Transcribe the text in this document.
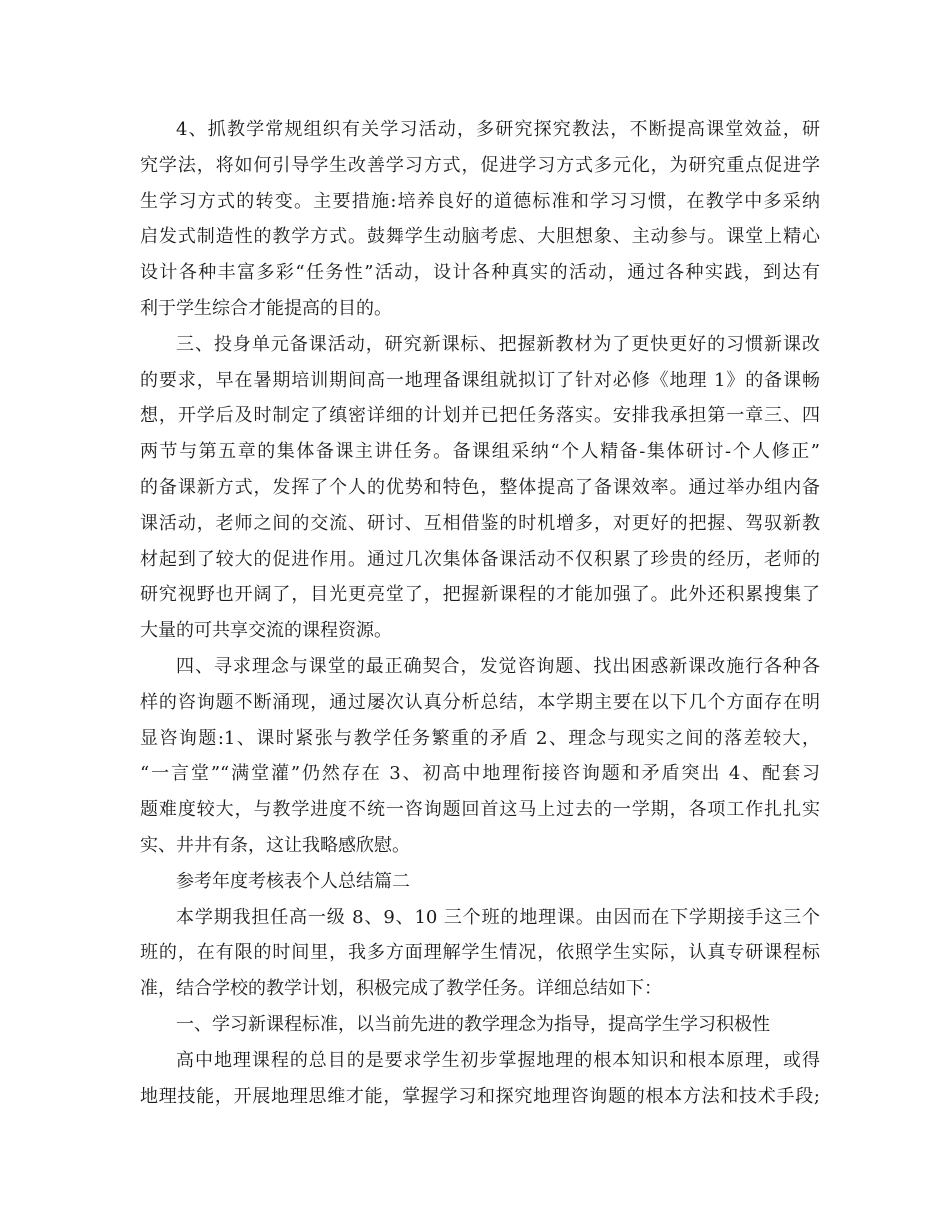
4、抓教学常规组织有关学习活动，多研究探究教法，不断提高课堂效益，研
究学法，将如何引导学生改善学习方式，促进学习方式多元化，为研究重点促进学
生学习方式的转变。主要措施:培养良好的道德标准和学习习惯，在教学中多采纳
启发式制造性的教学方式。鼓舞学生动脑考虑、大胆想象、主动参与。课堂上精心
设计各种丰富多彩“任务性”活动，设计各种真实的活动，通过各种实践，到达有
利于学生综合才能提高的目的。
三、投身单元备课活动，研究新课标、把握新教材为了更快更好的习惯新课改
的要求，早在暑期培训期间高一地理备课组就拟订了针对必修《地理 1》的备课畅
想，开学后及时制定了缜密详细的计划并已把任务落实。安排我承担第一章三、四
两节与第五章的集体备课主讲任务。备课组采纳“个人精备-集体研讨-个人修正”
的备课新方式，发挥了个人的优势和特色，整体提高了备课效率。通过举办组内备
课活动，老师之间的交流、研讨、互相借鉴的时机增多，对更好的把握、驾驭新教
材起到了较大的促进作用。通过几次集体备课活动不仅积累了珍贵的经历，老师的
研究视野也开阔了，目光更亮堂了，把握新课程的才能加强了。此外还积累搜集了
大量的可共享交流的课程资源。
四、寻求理念与课堂的最正确契合，发觉咨询题、找出困惑新课改施行各种各
样的咨询题不断涌现，通过屡次认真分析总结，本学期主要在以下几个方面存在明
显咨询题:1、课时紧张与教学任务繁重的矛盾 2、理念与现实之间的落差较大，
“一言堂”“满堂灌”仍然存在 3、初高中地理衔接咨询题和矛盾突出 4、配套习
题难度较大，与教学进度不统一咨询题回首这马上过去的一学期，各项工作扎扎实
实、井井有条，这让我略感欣慰。
参考年度考核表个人总结篇二
本学期我担任高一级 8、9、10 三个班的地理课。由因而在下学期接手这三个
班的，在有限的时间里，我多方面理解学生情况，依照学生实际，认真专研课程标
准，结合学校的教学计划，积极完成了教学任务。详细总结如下：
一、学习新课程标准，以当前先进的教学理念为指导，提高学生学习积极性
高中地理课程的总目的是要求学生初步掌握地理的根本知识和根本原理，或得
地理技能，开展地理思维才能，掌握学习和探究地理咨询题的根本方法和技术手段;
